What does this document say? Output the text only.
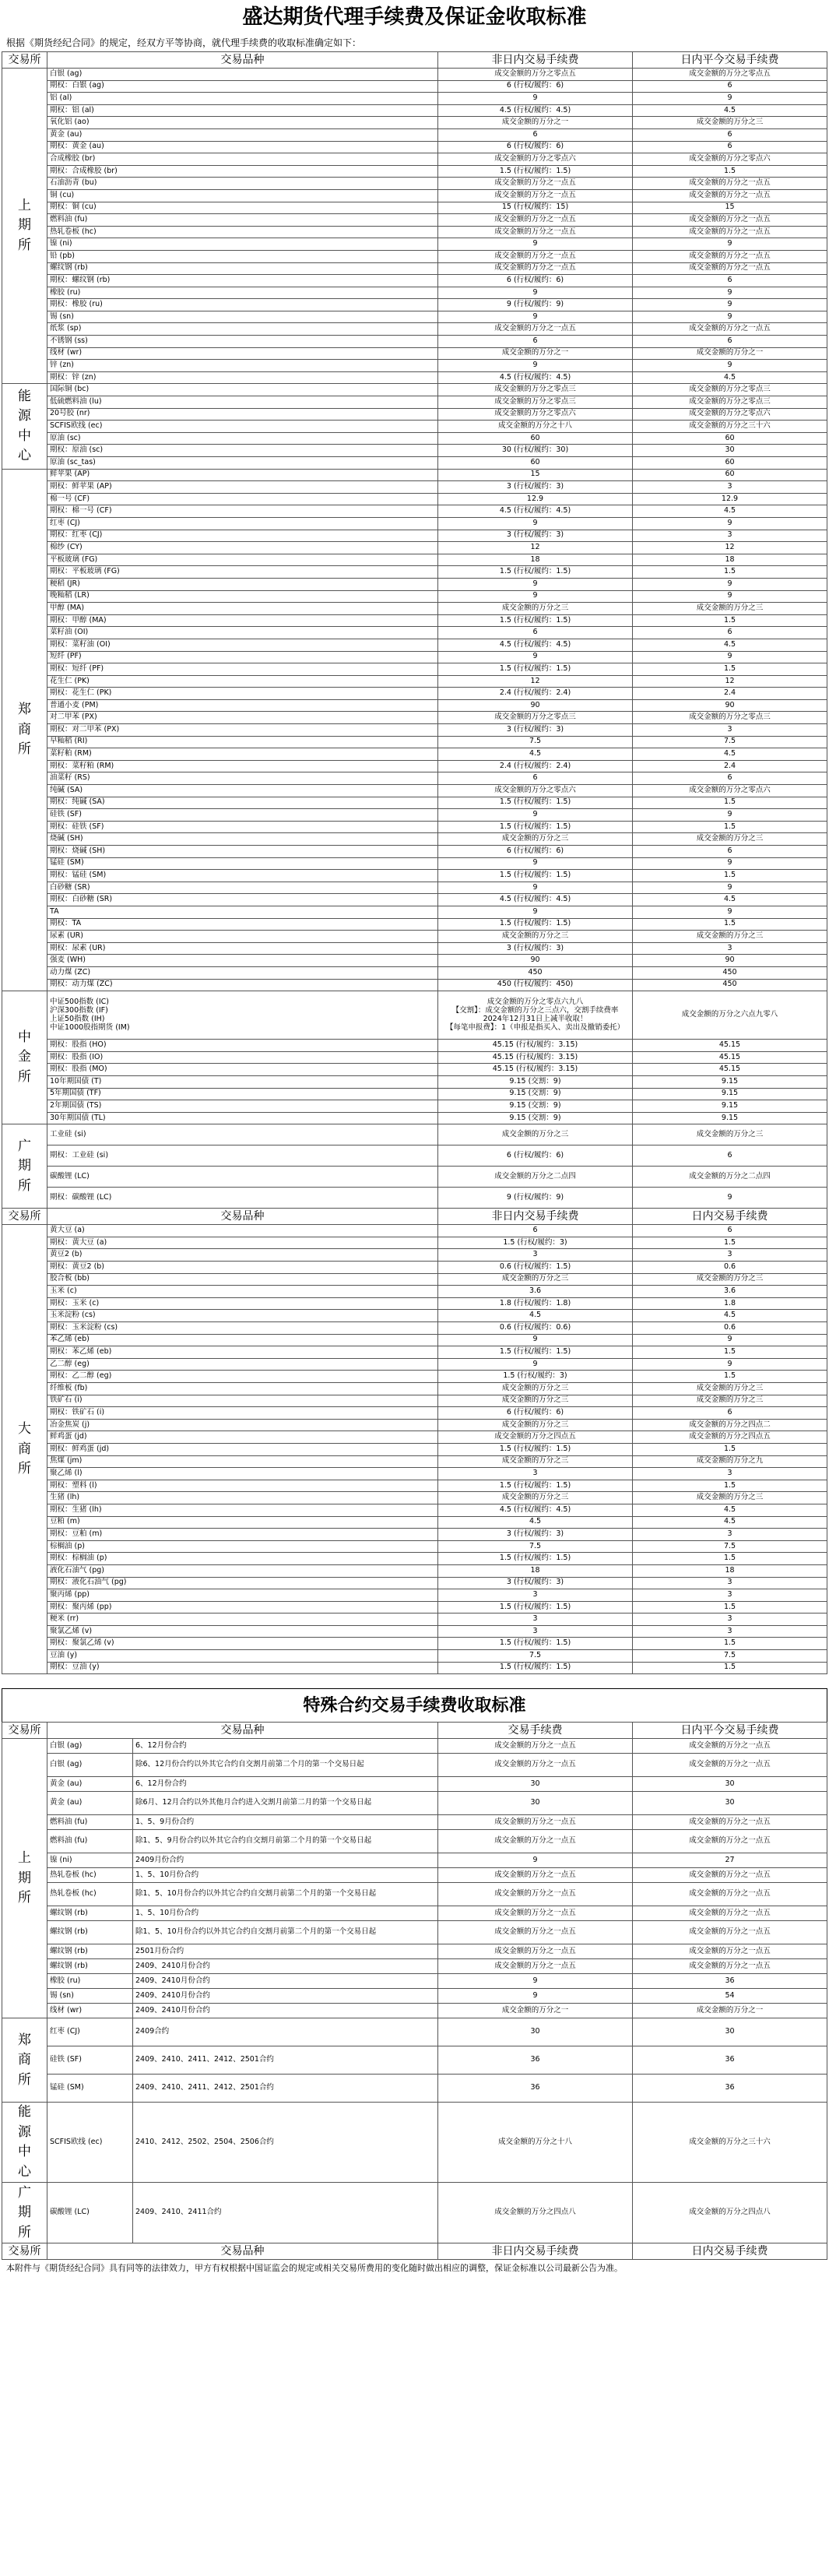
盛达期货代理手续费及保证金收取标准
根据《期货经纪合同》的规定，经双方平等协商，就代理手续费的收取标准确定如下：
交易所	交易品种	非日内交易手续费	日内平今交易手续费

上
期
所	白银 (ag)	成交金额的万分之零点五	成交金额的万分之零点五
	期权：白银 (ag)	6 (行权/履约：6)	6
	铝 (al)	9	9
	期权：铝 (al)	4.5 (行权/履约：4.5)	4.5
	氧化铝 (ao)	成交金额的万分之一	成交金额的万分之三
	黄金 (au)	6	6
	期权：黄金 (au)	6 (行权/履约：6)	6
	合成橡胶 (br)	成交金额的万分之零点六	成交金额的万分之零点六
	期权：合成橡胶 (br)	1.5 (行权/履约：1.5)	1.5
	石油沥青 (bu)	成交金额的万分之一点五	成交金额的万分之一点五
	铜 (cu)	成交金额的万分之一点五	成交金额的万分之一点五
	期权：铜 (cu)	15 (行权/履约：15)	15
	燃料油 (fu)	成交金额的万分之一点五	成交金额的万分之一点五
	热轧卷板 (hc)	成交金额的万分之一点五	成交金额的万分之一点五
	镍 (ni)	9	9
	铅 (pb)	成交金额的万分之一点五	成交金额的万分之一点五
	螺纹钢 (rb)	成交金额的万分之一点五	成交金额的万分之一点五
	期权：螺纹钢 (rb)	6 (行权/履约：6)	6
	橡胶 (ru)	9	9
	期权：橡胶 (ru)	9 (行权/履约：9)	9
	锡 (sn)	9	9
	纸浆 (sp)	成交金额的万分之一点五	成交金额的万分之一点五
	不锈钢 (ss)	6	6
	线材 (wr)	成交金额的万分之一	成交金额的万分之一
	锌 (zn)	9	9
	期权：锌 (zn)	4.5 (行权/履约：4.5)	4.5

能
源
中
心	国际铜 (bc)	成交金额的万分之零点三	成交金额的万分之零点三
	低硫燃料油 (lu)	成交金额的万分之零点三	成交金额的万分之零点三
	20号胶 (nr)	成交金额的万分之零点六	成交金额的万分之零点六
	SCFIS欧线 (ec)	成交金额的万分之十八	成交金额的万分之三十六
	原油 (sc)	60	60
	期权：原油 (sc)	30 (行权/履约：30)	30
	原油 (sc_tas)	60	60

郑
商
所	鲜苹果 (AP)	15	60
	期权：鲜苹果 (AP)	3 (行权/履约：3)	3
	棉一号 (CF)	12.9	12.9
	期权：棉一号 (CF)	4.5 (行权/履约：4.5)	4.5
	红枣 (CJ)	9	9
	期权：红枣 (CJ)	3 (行权/履约：3)	3
	棉纱 (CY)	12	12
	平板玻璃 (FG)	18	18
	期权：平板玻璃 (FG)	1.5 (行权/履约：1.5)	1.5
	粳稻 (JR)	9	9
	晚籼稻 (LR)	9	9
	甲醇 (MA)	成交金额的万分之三	成交金额的万分之三
	期权：甲醇 (MA)	1.5 (行权/履约：1.5)	1.5
	菜籽油 (OI)	6	6
	期权：菜籽油 (OI)	4.5 (行权/履约：4.5)	4.5
	短纤 (PF)	9	9
	期权：短纤 (PF)	1.5 (行权/履约：1.5)	1.5
	花生仁 (PK)	12	12
	期权：花生仁 (PK)	2.4 (行权/履约：2.4)	2.4
	普通小麦 (PM)	90	90
	对二甲苯 (PX)	成交金额的万分之零点三	成交金额的万分之零点三
	期权：对二甲苯 (PX)	3 (行权/履约：3)	3
	早籼稻 (RI)	7.5	7.5
	菜籽粕 (RM)	4.5	4.5
	期权：菜籽粕 (RM)	2.4 (行权/履约：2.4)	2.4
	油菜籽 (RS)	6	6
	纯碱 (SA)	成交金额的万分之零点六	成交金额的万分之零点六
	期权：纯碱 (SA)	1.5 (行权/履约：1.5)	1.5
	硅铁 (SF)	9	9
	期权：硅铁 (SF)	1.5 (行权/履约：1.5)	1.5
	烧碱 (SH)	成交金额的万分之三	成交金额的万分之三
	期权：烧碱 (SH)	6 (行权/履约：6)	6
	锰硅 (SM)	9	9
	期权：锰硅 (SM)	1.5 (行权/履约：1.5)	1.5
	白砂糖 (SR)	9	9
	期权：白砂糖 (SR)	4.5 (行权/履约：4.5)	4.5
	TA	9	9
	期权：TA	1.5 (行权/履约：1.5)	1.5
	尿素 (UR)	成交金额的万分之三	成交金额的万分之三
	期权：尿素 (UR)	3 (行权/履约：3)	3
	强麦 (WH)	90	90
	动力煤 (ZC)	450	450
	期权：动力煤 (ZC)	450 (行权/履约：450)	450

中
金
所	中证500指数 (IC)
沪深300指数 (IF)
上证50指数 (IH)
中证1000股指期货 (IM)	成交金额的万分之零点六九八
【交割】：成交金额的万分之三点六，交割手续费率
2024年12月31日上减半收取！
【每笔申报费】：1（申报是指买入、卖出及撤销委托）	成交金额的万分之六点九零八
	期权：股指 (HO)	45.15 (行权/履约：3.15)	45.15
	期权：股指 (IO)	45.15 (行权/履约：3.15)	45.15
	期权：股指 (MO)	45.15 (行权/履约：3.15)	45.15
	10年期国债 (T)	9.15 (交割：9)	9.15
	5年期国债 (TF)	9.15 (交割：9)	9.15
	2年期国债 (TS)	9.15 (交割：9)	9.15
	30年期国债 (TL)	9.15 (交割：9)	9.15

广
期
所	工业硅 (si)	成交金额的万分之三	成交金额的万分之三
	期权：工业硅 (si)	6 (行权/履约：6)	6
	碳酸锂 (LC)	成交金额的万分之二点四	成交金额的万分之二点四
	期权：碳酸锂 (LC)	9 (行权/履约：9)	9
交易所	交易品种	非日内交易手续费	日内交易手续费

大
商
所	黄大豆 (a)	6	6
	期权：黄大豆 (a)	1.5 (行权/履约：3)	1.5
	黄豆2 (b)	3	3
	期权：黄豆2 (b)	0.6 (行权/履约：1.5)	0.6
	胶合板 (bb)	成交金额的万分之三	成交金额的万分之三
	玉米 (c)	3.6	3.6
	期权：玉米 (c)	1.8 (行权/履约：1.8)	1.8
	玉米淀粉 (cs)	4.5	4.5
	期权：玉米淀粉 (cs)	0.6 (行权/履约：0.6)	0.6
	苯乙烯 (eb)	9	9
	期权：苯乙烯 (eb)	1.5 (行权/履约：1.5)	1.5
	乙二醇 (eg)	9	9
	期权：乙二醇 (eg)	1.5 (行权/履约：3)	1.5
	纤维板 (fb)	成交金额的万分之三	成交金额的万分之三
	铁矿石 (i)	成交金额的万分之三	成交金额的万分之三
	期权：铁矿石 (i)	6 (行权/履约：6)	6
	冶金焦炭 (j)	成交金额的万分之三	成交金额的万分之四点二
	鲜鸡蛋 (jd)	成交金额的万分之四点五	成交金额的万分之四点五
	期权：鲜鸡蛋 (jd)	1.5 (行权/履约：1.5)	1.5
	焦煤 (jm)	成交金额的万分之三	成交金额的万分之九
	聚乙烯 (l)	3	3
	期权：塑料 (l)	1.5 (行权/履约：1.5)	1.5
	生猪 (lh)	成交金额的万分之三	成交金额的万分之三
	期权：生猪 (lh)	4.5 (行权/履约：4.5)	4.5
	豆粕 (m)	4.5	4.5
	期权：豆粕 (m)	3 (行权/履约：3)	3
	棕榈油 (p)	7.5	7.5
	期权：棕榈油 (p)	1.5 (行权/履约：1.5)	1.5
	液化石油气 (pg)	18	18
	期权：液化石油气 (pg)	3 (行权/履约：3)	3
	聚丙烯 (pp)	3	3
	期权：聚丙烯 (pp)	1.5 (行权/履约：1.5)	1.5
	粳米 (rr)	3	3
	聚氯乙烯 (v)	3	3
	期权：聚氯乙烯 (v)	1.5 (行权/履约：1.5)	1.5
	豆油 (y)	7.5	7.5
	期权：豆油 (y)	1.5 (行权/履约：1.5)	1.5
特殊合约交易手续费收取标准
交易所	交易品种		交易手续费	日内平今交易手续费

上
期
所	白银 (ag)	6、12月份合约	成交金额的万分之一点五	成交金额的万分之一点五
	白银 (ag)	除6、12月份合约以外其它合约自交割月前第二个月的第一个交易日起	成交金额的万分之一点五	成交金额的万分之一点五
	黄金 (au)	6、12月份合约	30	30
	黄金 (au)	除6月、12月合约以外其他月合约进入交割月前第二月的第一个交易日起	30	30
	燃料油 (fu)	1、5、9月份合约	成交金额的万分之一点五	成交金额的万分之一点五
	燃料油 (fu)	除1、5、9月份合约以外其它合约自交割月前第二个月的第一个交易日起	成交金额的万分之一点五	成交金额的万分之一点五
	镍 (ni)	2409月份合约	9	27
	热轧卷板 (hc)	1、5、10月份合约	成交金额的万分之一点五	成交金额的万分之一点五
	热轧卷板 (hc)	除1、5、10月份合约以外其它合约自交割月前第二个月的第一个交易日起	成交金额的万分之一点五	成交金额的万分之一点五
	螺纹钢 (rb)	1、5、10月份合约	成交金额的万分之一点五	成交金额的万分之一点五
	螺纹钢 (rb)	除1、5、10月份合约以外其它合约自交割月前第二个月的第一个交易日起	成交金额的万分之一点五	成交金额的万分之一点五
	螺纹钢 (rb)	2501月份合约	成交金额的万分之一点五	成交金额的万分之一点五
	螺纹钢 (rb)	2409、2410月份合约	成交金额的万分之一点五	成交金额的万分之一点五
	橡胶 (ru)	2409、2410月份合约	9	36
	锡 (sn)	2409、2410月份合约	9	54
	线材 (wr)	2409、2410月份合约	成交金额的万分之一	成交金额的万分之一

郑
商
所	红枣 (CJ)	2409合约	30	30
	硅铁 (SF)	2409、2410、2411、2412、2501合约	36	36
	锰硅 (SM)	2409、2410、2411、2412、2501合约	36	36

能
源
中
心	SCFIS欧线 (ec)	2410、2412、2502、2504、2506合约	成交金额的万分之十八	成交金额的万分之三十六

广
期
所	碳酸锂 (LC)	2409、2410、2411合约	成交金额的万分之四点八	成交金额的万分之四点八
交易所	交易品种		非日内交易手续费	日内交易手续费
本附件与《期货经纪合同》具有同等的法律效力，甲方有权根据中国证监会的规定或相关交易所费用的变化随时做出相应的调整，保证金标准以公司最新公告为准。
